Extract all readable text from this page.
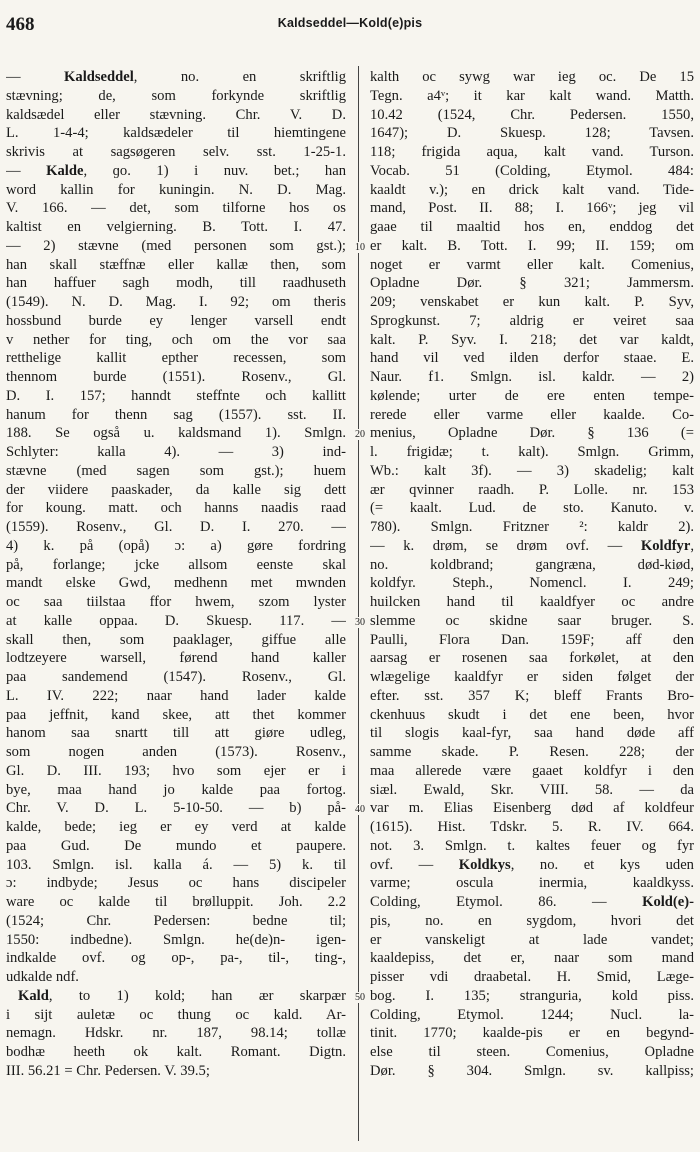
468	Kaldseddel—Kold(e)pis
— Kaldseddel, no. en skriftlig
stævning; de, som forkynde skriftlig
kaldsædel eller stævning. Chr. V. D.
L. 1-4-4; kaldsædeler til hiemtingene
skrivis at sagsøgeren selv. sst. 1-25-1.
— Kalde, ɡo. 1) i nuv. bet.; han
word kallin for kuningin. N. D. Mag.
V. 166. — det, som tilforne hos os
kaltist en velgierning. B. Tott. I. 47.
— 2) stævne (med personen som gst.);
han skall stæffnæ eller kallæ then, som
han haffuer sagh modh, till raadhuseth
(1549). N. D. Mag. I. 92; om theris
hossbund burde ey lenger varsell endt
v nether for ting, och om the vor saa
retthelige kallit epther recessen, som
thennom burde (1551). Rosenv., Gl.
D. I. 157; hanndt steffnte och kallitt
hanum for thenn sag (1557). sst. II.
188. Se også u. kaldsmand 1). Smlgn.
Schlyter: kalla 4). — 3) ind-
stævne (med sagen som gst.); huem
der viidere paaskader, da kalle sig dett
for koung. matt. och hanns naadis raad
(1559). Rosenv., Gl. D. I. 270. —
4) k. på (opå) ɔ: a) gøre fordring
på, forlange; jcke allsom eenste skal
mandt elske Gwd, medhenn met mwnden
oc saa tiilstaa ffor hwem, szom lyster
at kalle oppaa. D. Skuesp. 117. —
skall then, som paaklager, giffue alle
lodtzeyere warsell, førend hand kaller
paa sandemend (1547). Rosenv., Gl.
L. IV. 222; naar hand lader kalde
paa jeffnit, kand skee, att thet kommer
hanom saa snartt till att giøre udleg,
som nogen anden (1573). Rosenv.,
Gl. D. III. 193; hvo som ejer er i
bye, maa hand jo kalde paa fortog.
Chr. V. D. L. 5-10-50. — b) på-
kalde, bede; ieg er ey verd at kalde
paa Gud. De mundo et paupere.
103. Smlgn. isl. kalla á. — 5) k. til
ɔ: indbyde; Jesus oc hans discipeler
ware oc kalde til brølluppit. Joh. 2.2
(1524; Chr. Pedersen: bedne til;
1550: indbedne). Smlgn. he(de)n- igen-
indkalde ovf. og op-, pa-, til-, ting-,
udkalde ndf.
Kald, to 1) kold; han ær skarpær
i sijt auletæ oc thung oc kald. Ar-
nemagn. Hdskr. nr. 187, 98.14; tollæ
bodhæ heeth ok kalt. Romant. Digtn.
III. 56.21 = Chr. Pedersen. V. 39.5;
kalth oc sywg war ieg oc. De 15
Tegn. a4ᵛ; it kar kalt wand. Matth.
10.42 (1524, Chr. Pedersen. 1550,
1647); D. Skuesp. 128; Tavsen.
118; frigida aqua, kalt vand. Turson.
Vocab. 51 (Colding, Etymol. 484:
kaaldt v.); en drick kalt vand. Tide-
mand, Post. II. 88; I. 166ᵛ; jeg vil
gaae til maaltid hos en, enddog det
er kalt. B. Tott. I. 99; II. 159; om
noget er varmt eller kalt. Comenius,
Opladne Dør. § 321; Jammersm.
209; venskabet er kun kalt. P. Syv,
Sprogkunst. 7; aldrig er veiret saa
kalt. P. Syv. I. 218; det var kaldt,
hand vil ved ilden derfor staae. E.
Naur. f1. Smlgn. isl. kaldr. — 2)
kølende; urter de ere enten tempe-
rerede eller varme eller kaalde. Co-
menius, Opladne Dør. § 136 (=
l. frigidæ; t. kalt). Smlgn. Grimm,
Wb.: kalt 3f). — 3) skadelig; kalt
ær qvinner raadh. P. Lolle. nr. 153
(= kaalt. Lud. de sto. Kanuto. v.
780). Smlgn. Fritzner ²: kaldr 2).
— k. drøm, se drøm ovf. — Koldfyr,
no. koldbrand; gangræna, død-kiød,
koldfyr. Steph., Nomencl. I. 249;
huilcken hand til kaaldfyer oc andre
slemme oc skidne saar bruger. S.
Paulli, Flora Dan. 159F; aff den
aarsag er rosenen saa forkølet, at den
wlægelige kaaldfyr er siden følget der
efter. sst. 357 K; bleff Frants Bro-
ckenhuus skudt i det ene been, hvor
til slogis kaal-fyr, saa hand døde aff
samme skade. P. Resen. 228; der
maa allerede være gaaet koldfyr i den
siæl. Ewald, Skr. VIII. 58. — da
var m. Elias Eisenberg død af koldfeur
(1615). Hist. Tdskr. 5. R. IV. 664.
not. 3. Smlgn. t. kaltes feuer og fyr
ovf. — Koldkys, no. et kys uden
varme; oscula inermia, kaaldkyss.
Colding, Etymol. 86. — Kold(e)-
pis, no. en sygdom, hvori det
er vanskeligt at lade vandet;
kaaldepiss, det er, naar som mand
pisser vdi draabetal. H. Smid, Læge-
bog. I. 135; stranguria, kold piss.
Colding, Etymol. 1244; Nucl. la-
tinit. 1770; kaalde-pis er en begynd-
else til steen. Comenius, Opladne
Dør. § 304. Smlgn. sv. kallpiss;
10
20
30
40
50
